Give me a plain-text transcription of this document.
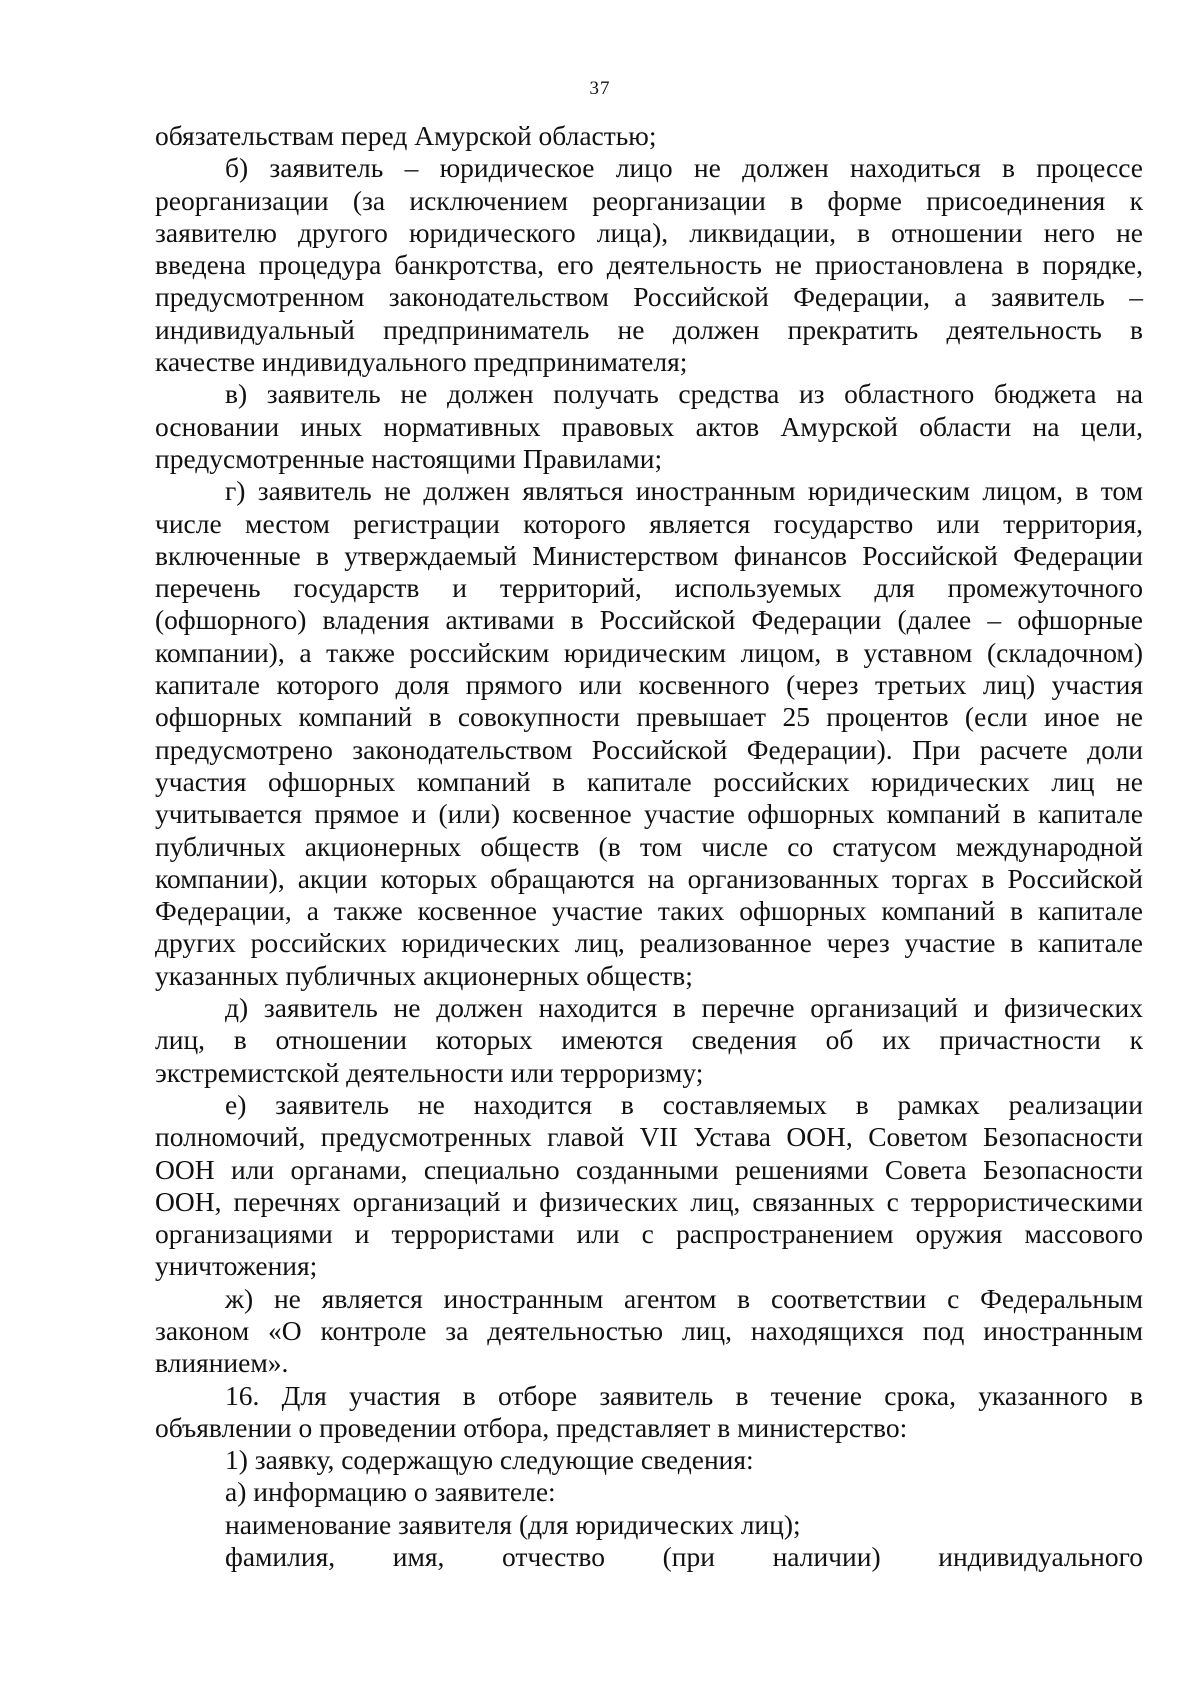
37
обязательствам перед Амурской областью;
б) заявитель – юридическое лицо не должен находиться в процессе
реорганизации (за исключением реорганизации в форме присоединения к
заявителю другого юридического лица), ликвидации, в отношении него не
введена процедура банкротства, его деятельность не приостановлена в порядке,
предусмотренном законодательством Российской Федерации, а заявитель –
индивидуальный предприниматель не должен прекратить деятельность в
качестве индивидуального предпринимателя;
в) заявитель не должен получать средства из областного бюджета на
основании иных нормативных правовых актов Амурской области на цели,
предусмотренные настоящими Правилами;
г) заявитель не должен являться иностранным юридическим лицом, в том
числе местом регистрации которого является государство или территория,
включенные в утверждаемый Министерством финансов Российской Федерации
перечень государств и территорий, используемых для промежуточного
(офшорного) владения активами в Российской Федерации (далее – офшорные
компании), а также российским юридическим лицом, в уставном (складочном)
капитале которого доля прямого или косвенного (через третьих лиц) участия
офшорных компаний в совокупности превышает 25 процентов (если иное не
предусмотрено законодательством Российской Федерации). При расчете доли
участия офшорных компаний в капитале российских юридических лиц не
учитывается прямое и (или) косвенное участие офшорных компаний в капитале
публичных акционерных обществ (в том числе со статусом международной
компании), акции которых обращаются на организованных торгах в Российской
Федерации, а также косвенное участие таких офшорных компаний в капитале
других российских юридических лиц, реализованное через участие в капитале
указанных публичных акционерных обществ;
д) заявитель не должен находится в перечне организаций и физических
лиц, в отношении которых имеются сведения об их причастности к
экстремистской деятельности или терроризму;
е) заявитель не находится в составляемых в рамках реализации
полномочий, предусмотренных главой VII Устава ООН, Советом Безопасности
ООН или органами, специально созданными решениями Совета Безопасности
ООН, перечнях организаций и физических лиц, связанных с террористическими
организациями и террористами или с распространением оружия массового
уничтожения;
ж) не является иностранным агентом в соответствии с Федеральным
законом «О контроле за деятельностью лиц, находящихся под иностранным
влиянием».
16. Для участия в отборе заявитель в течение срока, указанного в
объявлении о проведении отбора, представляет в министерство:
1) заявку, содержащую следующие сведения:
а) информацию о заявителе:
наименование заявителя (для юридических лиц);
фамилия, имя, отчество (при наличии) индивидуального
